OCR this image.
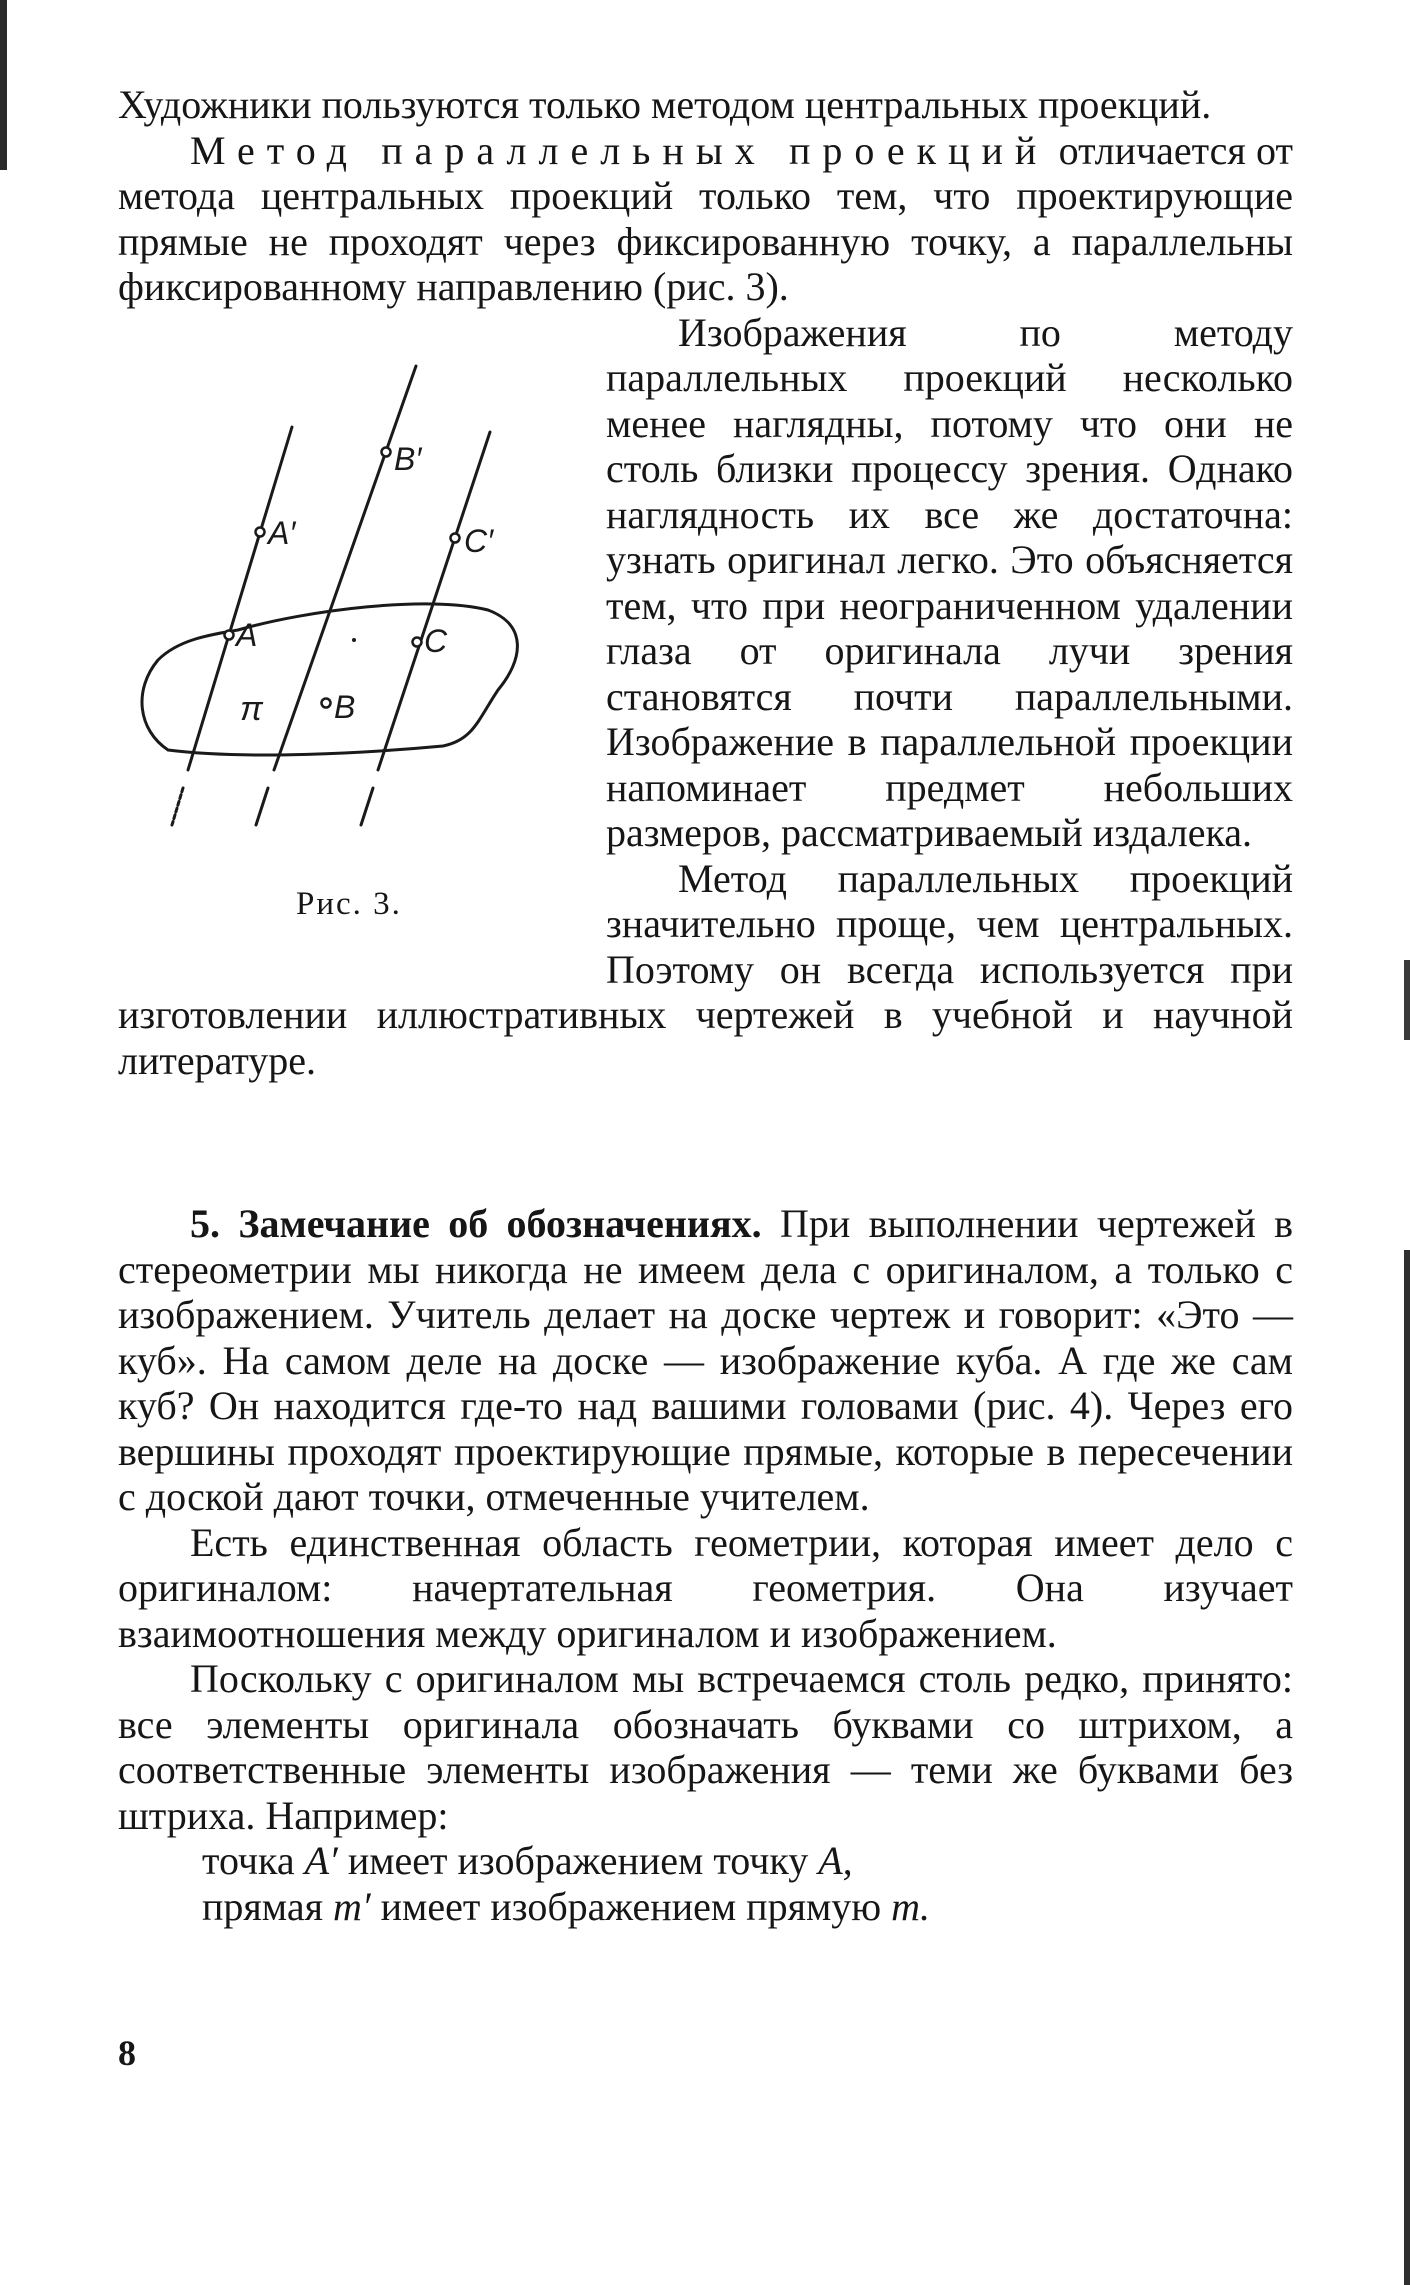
Художники пользуются только методом центральных проекций.

Метод параллельных проекций отличается от метода центральных проекций только тем, что проектирующие прямые не проходят через фиксированную точку, а параллельны фиксированному направлению (рис. 3).

A′
B′
C′
A
B
C
π
Рис. 3.

Изображения по методу параллельных проекций несколько менее наглядны, потому что они не столь близки процессу зрения. Однако наглядность их все же достаточна: узнать оригинал легко. Это объясняется тем, что при неограниченном удалении глаза от оригинала лучи зрения становятся почти параллельными. Изображение в параллельной проекции напоминает предмет небольших размеров, рассматриваемый издалека.

Метод параллельных проекций значительно проще, чем центральных. Поэтому он всегда используется при изготовлении иллюстративных чертежей в учебной и научной литературе.

5. Замечание об обозначениях. При выполнении чертежей в стереометрии мы никогда не имеем дела с оригиналом, а только с изображением. Учитель делает на доске чертеж и говорит: «Это — куб». На самом деле на доске — изображение куба. А где же сам куб? Он находится где-то над вашими головами (рис. 4). Через его вершины проходят проектирующие прямые, которые в пересечении с доской дают точки, отмеченные учителем.

Есть единственная область геометрии, которая имеет дело с оригиналом: начертательная геометрия. Она изучает взаимоотношения между оригиналом и изображением.

Поскольку с оригиналом мы встречаемся столь редко, принято: все элементы оригинала обозначать буквами со штрихом, а соответственные элементы изображения — теми же буквами без штриха. Например:

точка A′ имеет изображением точку A,

прямая m′ имеет изображением прямую m.

8
